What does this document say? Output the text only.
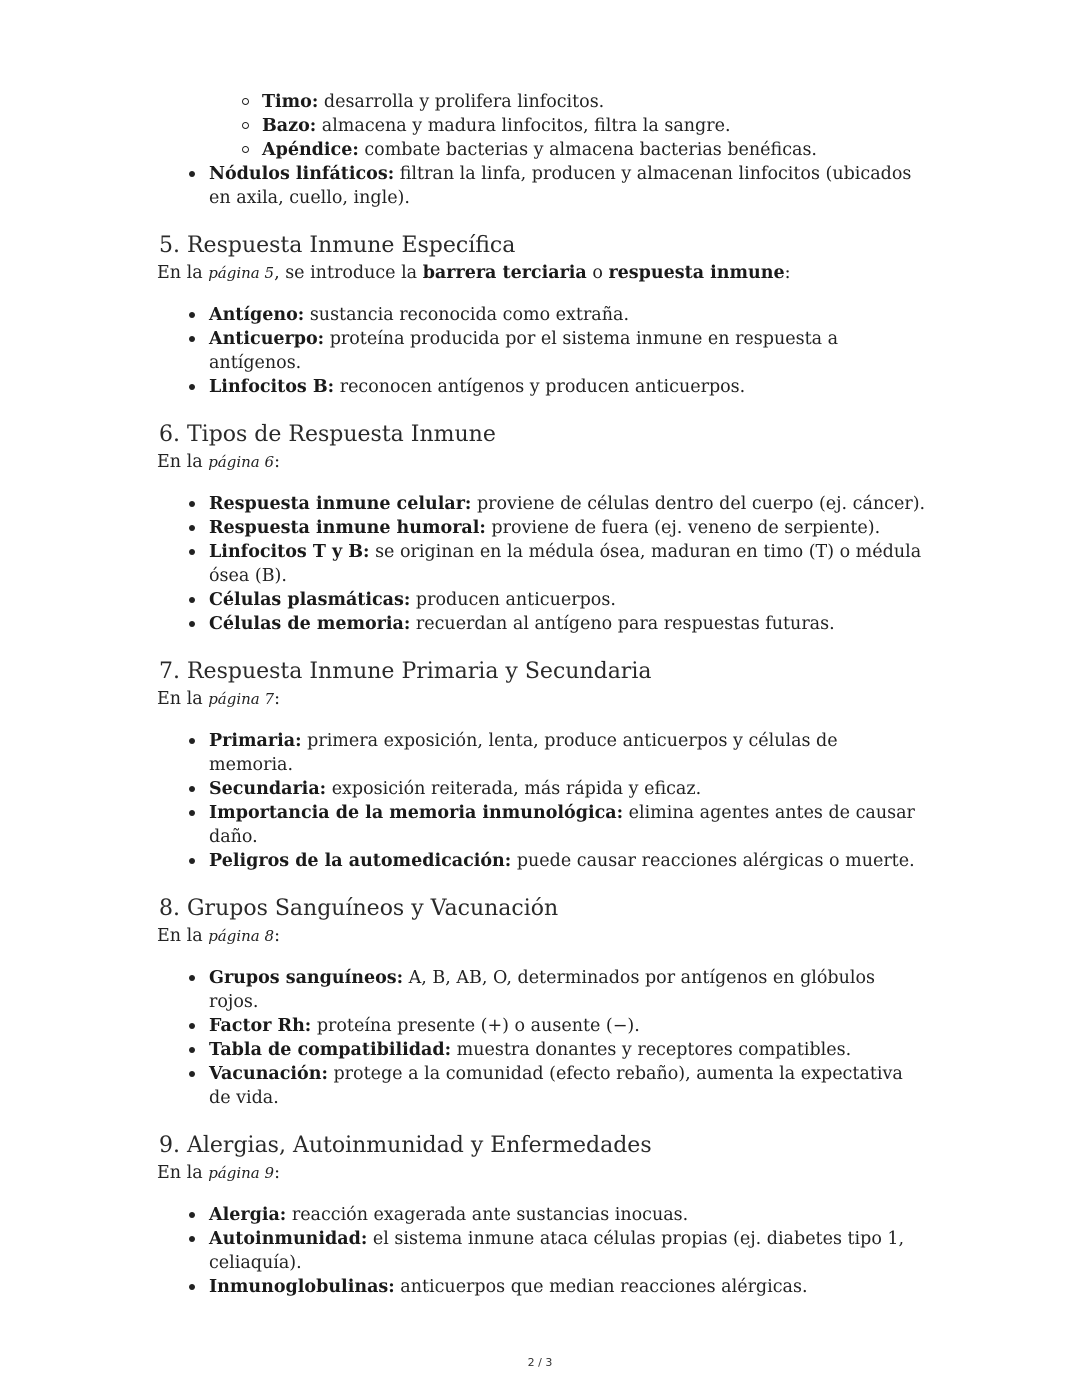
Timo: desarrolla y prolifera linfocitos.
Bazo: almacena y madura linfocitos, filtra la sangre.
Apéndice: combate bacterias y almacena bacterias benéficas.
Nódulos linfáticos: filtran la linfa, producen y almacenan linfocitos (ubicados en axila, cuello, ingle).
5. Respuesta Inmune Específica

En la página 5, se introduce la barrera terciaria o respuesta inmune:

Antígeno: sustancia reconocida como extraña.
Anticuerpo: proteína producida por el sistema inmune en respuesta a antígenos.
Linfocitos B: reconocen antígenos y producen anticuerpos.
6. Tipos de Respuesta Inmune

En la página 6:

Respuesta inmune celular: proviene de células dentro del cuerpo (ej. cáncer).
Respuesta inmune humoral: proviene de fuera (ej. veneno de serpiente).
Linfocitos T y B: se originan en la médula ósea, maduran en timo (T) o médula ósea (B).
Células plasmáticas: producen anticuerpos.
Células de memoria: recuerdan al antígeno para respuestas futuras.
7. Respuesta Inmune Primaria y Secundaria

En la página 7:

Primaria: primera exposición, lenta, produce anticuerpos y células de memoria.
Secundaria: exposición reiterada, más rápida y eficaz.
Importancia de la memoria inmunológica: elimina agentes antes de causar daño.
Peligros de la automedicación: puede causar reacciones alérgicas o muerte.
8. Grupos Sanguíneos y Vacunación

En la página 8:

Grupos sanguíneos: A, B, AB, O, determinados por antígenos en glóbulos rojos.
Factor Rh: proteína presente (+) o ausente (−).
Tabla de compatibilidad: muestra donantes y receptores compatibles.
Vacunación: protege a la comunidad (efecto rebaño), aumenta la expectativa de vida.
9. Alergias, Autoinmunidad y Enfermedades

En la página 9:

Alergia: reacción exagerada ante sustancias inocuas.
Autoinmunidad: el sistema inmune ataca células propias (ej. diabetes tipo 1, celiaquía).
Inmunoglobulinas: anticuerpos que median reacciones alérgicas.
2 / 3
